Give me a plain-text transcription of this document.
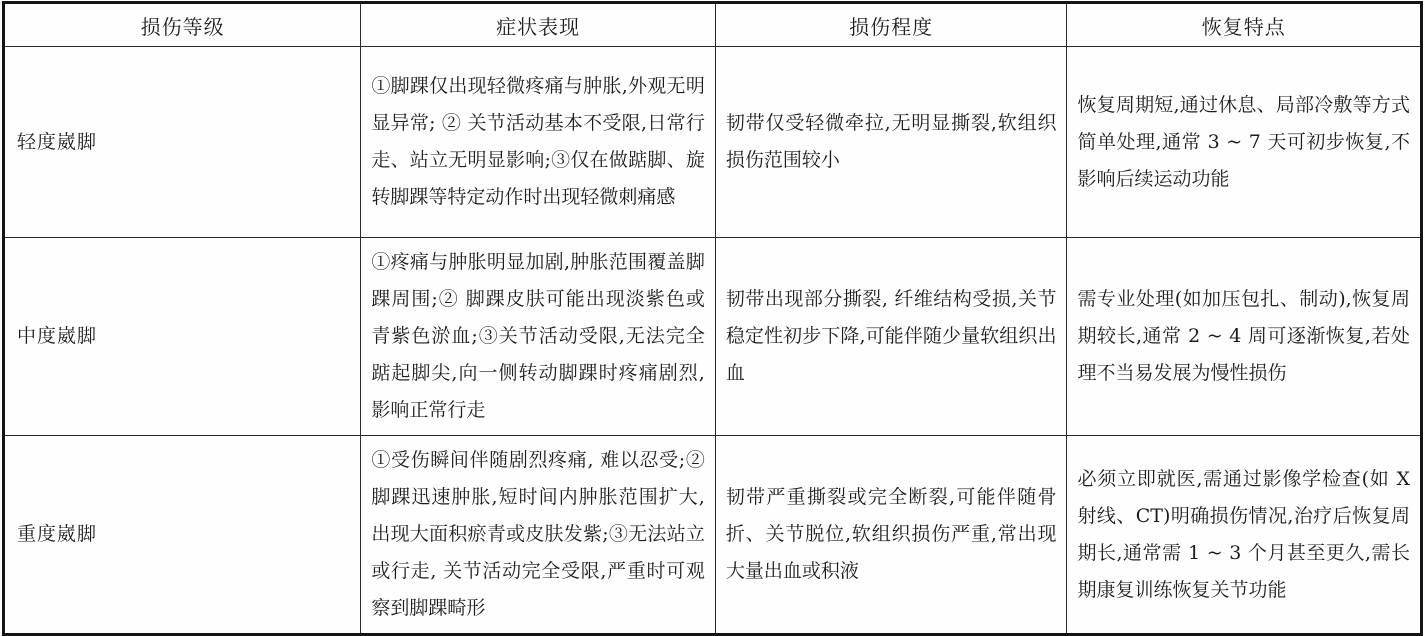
损伤等级	症状表现	损伤程度	恢复特点
轻度崴脚	①脚踝仅出现轻微疼痛与肿胀,外观无明显异常; ② 关节活动基本不受限,日常行走、站立无明显影响;③仅在做踮脚、旋转脚踝等特定动作时出现轻微刺痛感	韧带仅受轻微牵拉,无明显撕裂,软组织损伤范围较小	恢复周期短,通过休息、局部冷敷等方式简单处理,通常 3 ~ 7 天可初步恢复,不影响后续运动功能
中度崴脚	①疼痛与肿胀明显加剧,肿胀范围覆盖脚踝周围;② 脚踝皮肤可能出现淡紫色或青紫色淤血;③关节活动受限,无法完全踮起脚尖,向一侧转动脚踝时疼痛剧烈,影响正常行走	韧带出现部分撕裂, 纤维结构受损,关节稳定性初步下降,可能伴随少量软组织出血	需专业处理(如加压包扎、制动),恢复周期较长,通常 2 ~ 4 周可逐渐恢复,若处理不当易发展为慢性损伤
重度崴脚	①受伤瞬间伴随剧烈疼痛, 难以忍受;②脚踝迅速肿胀,短时间内肿胀范围扩大,出现大面积瘀青或皮肤发紫;③无法站立或行走, 关节活动完全受限,严重时可观察到脚踝畸形	韧带严重撕裂或完全断裂,可能伴随骨折、关节脱位,软组织损伤严重,常出现大量出血或积液	必须立即就医,需通过影像学检查(如 X 射线、CT)明确损伤情况,治疗后恢复周期长,通常需 1 ~ 3 个月甚至更久,需长期康复训练恢复关节功能
